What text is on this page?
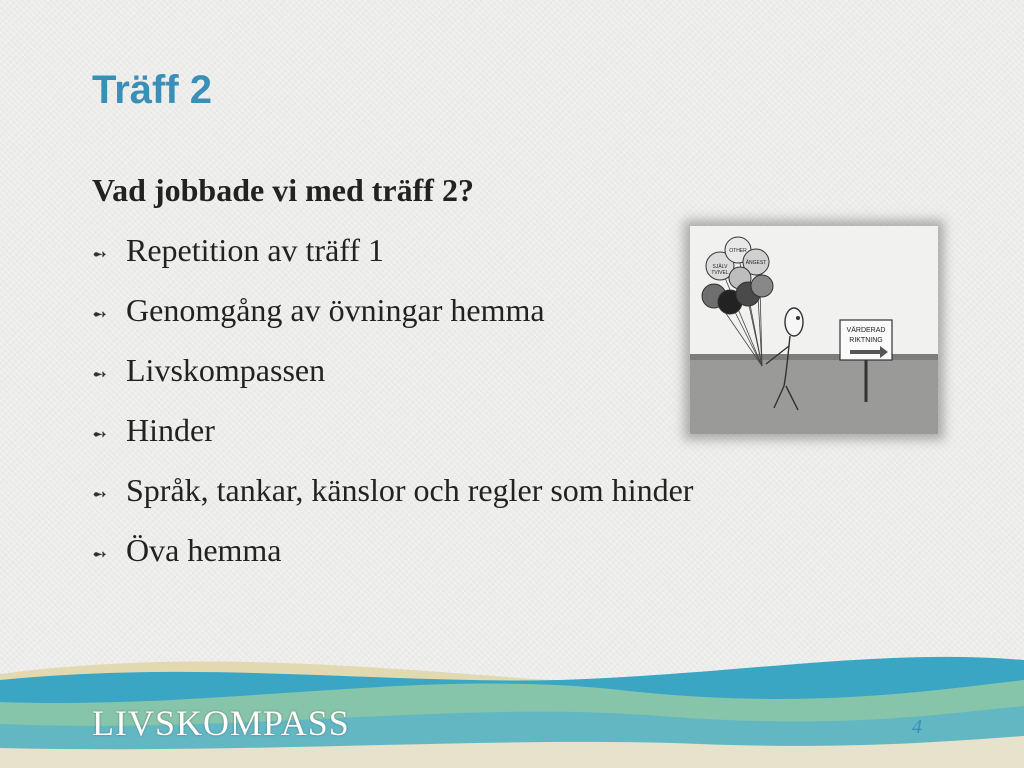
Träff 2

Vad jobbade vi med träff 2?

➻ Repetition av träff 1
➻ Genomgång av övningar hemma
➻ Livskompassen
➻ Hinder
➻ Språk, tankar, känslor och regler som hinder
➻ Öva hemma
VÄRDERAD
RIKTNING
SJÄLV
TVIVEL
ÄNGEST
OTHER
LIVSKOMPASS	4
